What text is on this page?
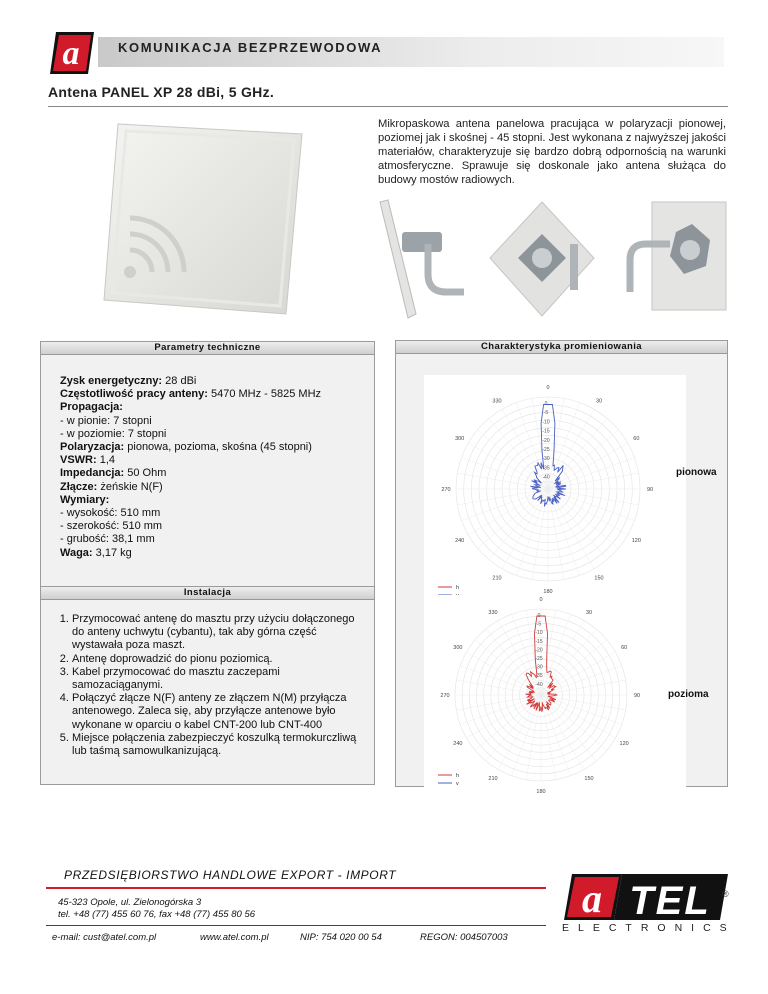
a	KOMUNIKACJA BEZPRZEWODOWA
Antena PANEL XP 28 dBi, 5 GHz.
Mikropaskowa antena panelowa pracująca w polaryzacji pionowej, poziomej jak i skośnej - 45 stopni. Jest wykonana z najwyższej jakości materiałów, charakteryzuje się bardzo dobrą odpornością na warunki atmosferyczne. Sprawuje się doskonale jako antena służąca do budowy mostów radiowych.
Parametry techniczne
Zysk energetyczny: 28 dBi
Częstotliwość pracy anteny: 5470 MHz - 5825 MHz
Propagacja:
- w pionie: 7 stopni
- w poziomie: 7 stopni
Polaryzacja: pionowa, pozioma, skośna (45 stopni)
VSWR: 1,4
Impedancja: 50 Ohm
Złącze: żeńskie N(F)
Wymiary:
- wysokość: 510 mm
- szerokość: 510 mm
- grubość: 38,1 mm
Waga: 3,17 kg
Instalacja
1. Przymocować antenę do masztu przy użyciu dołączonego do anteny uchwytu (cybantu), tak aby górna część wystawała poza maszt.
2. Antenę doprowadzić do pionu poziomicą.
3. Kabel przymocować do masztu zaczepami samozaciąganymi.
4. Połączyć złącze N(F) anteny ze złączem N(M) przyłącza antenowego. Zaleca się, aby przyłącze antenowe było wykonane w oparciu o kabel CNT-200 lub CNT-400
5. Miejsce połączenia zabezpieczyć koszulką termokurczliwą lub taśmą samowulkanizującą.
Charakterystyka promieniowania
0
30
60
90
120
150
180
210
240
270
300
330	0
-5
-10
-15
-20
-25
-30
-35
-40
h
pionowa
0
30
60
90
120
150
180
210
240
270
300
330
0
-5
-10
-15
-20
-25
-30
-35
-40
h
v
pozioma
PRZEDSIĘBIORSTWO HANDLOWE EXPORT - IMPORT
45-323 Opole, ul. Zielonogórska 3
tel. +48 (77) 455 60 76, fax +48 (77) 455 80 56
e-mail: cust@atel.com.pl	www.atel.com.pl	NIP: 754 020 00 54	REGON: 004507003
a TEL ®
ELECTRONICS
